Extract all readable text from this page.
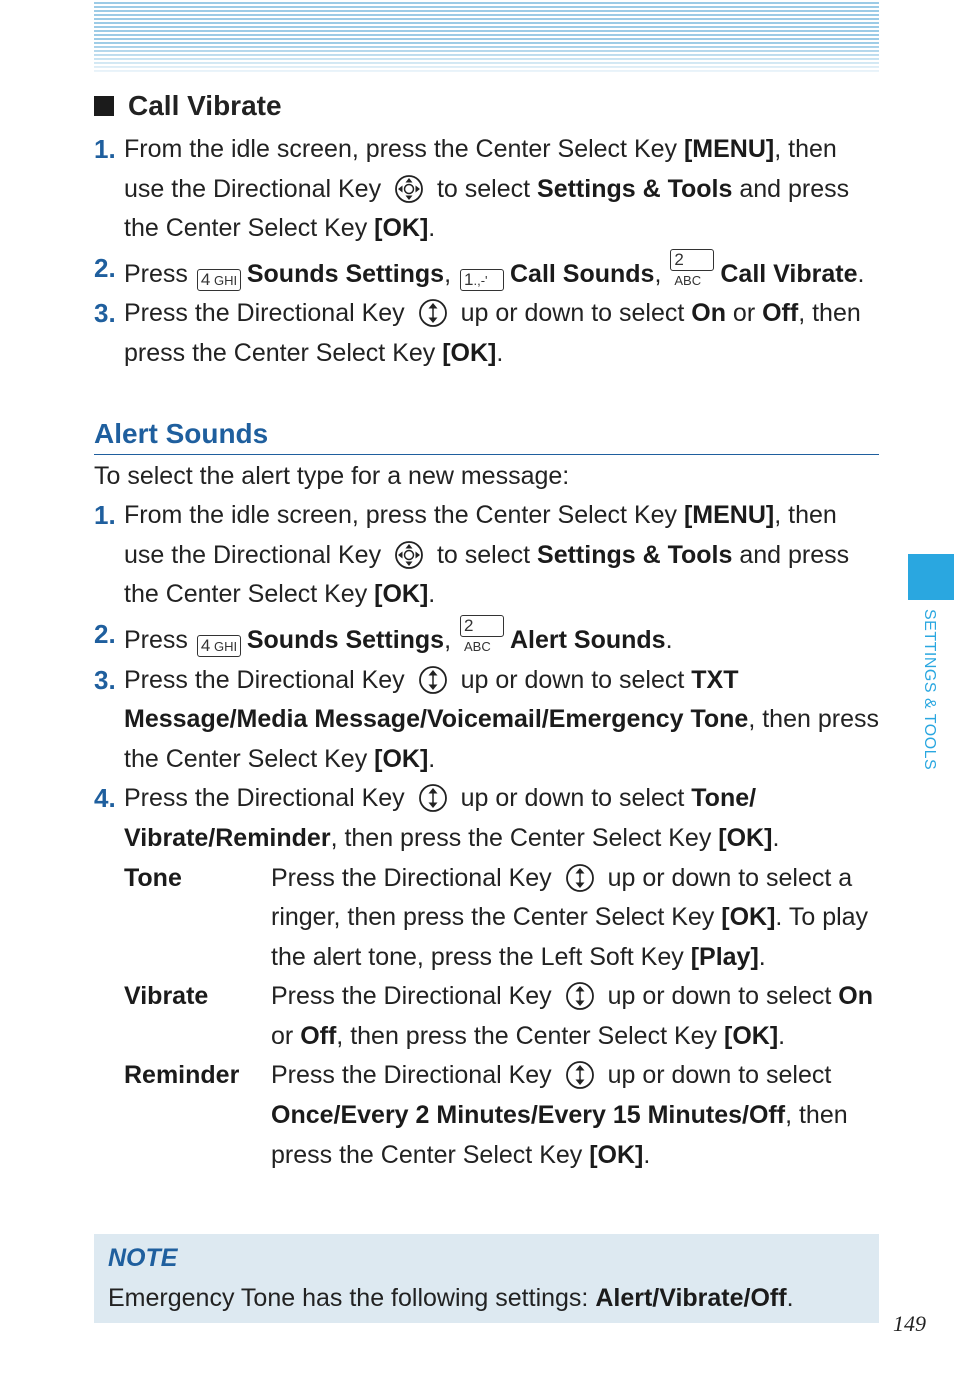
Call Vibrate
1. From the idle screen, press the Center Select Key [MENU], then use the Directional Key  to select Settings & Tools and press the Center Select Key [OK].
2. Press 4 GHI Sounds Settings, 1.,-' Call Sounds, 2 ABC Call Vibrate.
3. Press the Directional Key  up or down to select On or Off, then press the Center Select Key [OK].
Alert Sounds
To select the alert type for a new message:
1. From the idle screen, press the Center Select Key [MENU], then use the Directional Key  to select Settings & Tools and press the Center Select Key [OK].
2. Press 4 GHI Sounds Settings, 2 ABC Alert Sounds.
3. Press the Directional Key  up or down to select TXT Message/Media Message/Voicemail/Emergency Tone, then press the Center Select Key [OK].
4. Press the Directional Key  up or down to select Tone/ Vibrate/Reminder, then press the Center Select Key [OK].
Tone	Press the Directional Key  up or down to select a ringer, then press the Center Select Key [OK]. To play the alert tone, press the Left Soft Key [Play].
Vibrate	Press the Directional Key  up or down to select On or Off, then press the Center Select Key [OK].
Reminder	Press the Directional Key  up or down to select Once/Every 2 Minutes/Every 15 Minutes/Off, then press the Center Select Key [OK].
NOTE
Emergency Tone has the following settings: Alert/Vibrate/Off.
SETTINGS & TOOLS
149
